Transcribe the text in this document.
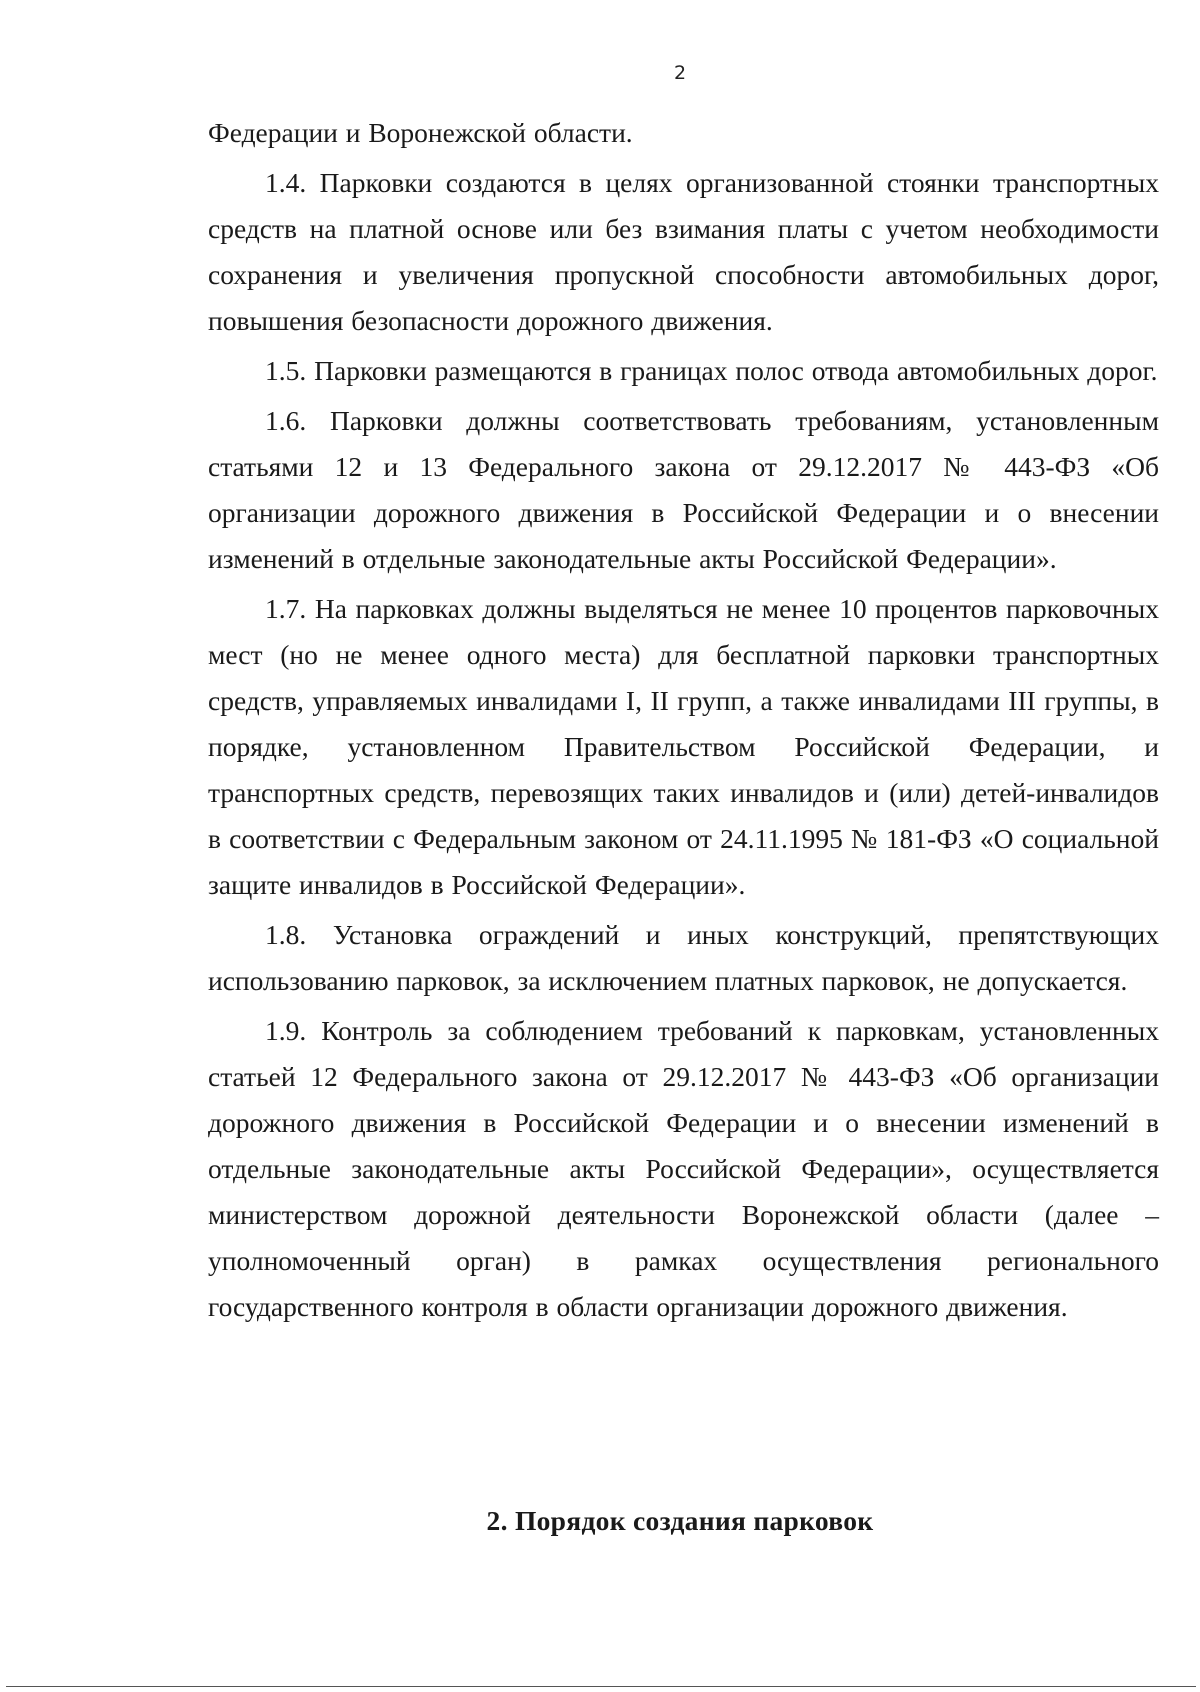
2

Федерации и Воронежской области.

1.4. Парковки создаются в целях организованной стоянки транспортных средств на платной основе или без взимания платы с учетом необходимости сохранения и увеличения пропускной способности автомобильных дорог, повышения безопасности дорожного движения.

1.5. Парковки размещаются в границах полос отвода автомобильных дорог.

1.6. Парковки должны соответствовать требованиям, установленным статьями 12 и 13 Федерального закона от 29.12.2017 № 443-ФЗ «Об организации дорожного движения в Российской Федерации и о внесении изменений в отдельные законодательные акты Российской Федерации».

1.7. На парковках должны выделяться не менее 10 процентов парковочных мест (но не менее одного места) для бесплатной парковки транспортных средств, управляемых инвалидами I, II групп, а также инвалидами III группы, в порядке, установленном Правительством Российской Федерации, и транспортных средств, перевозящих таких инвалидов и (или) детей-инвалидов в соответствии с Федеральным законом от 24.11.1995 № 181-ФЗ «О социальной защите инвалидов в Российской Федерации».

1.8. Установка ограждений и иных конструкций, препятствующих использованию парковок, за исключением платных парковок, не допускается.

1.9. Контроль за соблюдением требований к парковкам, установленных статьей 12 Федерального закона от 29.12.2017 № 443-ФЗ «Об организации дорожного движения в Российской Федерации и о внесении изменений в отдельные законодательные акты Российской Федерации», осуществляется министерством дорожной деятельности Воронежской области (далее – уполномоченный орган) в рамках осуществления регионального государственного контроля в области организации дорожного движения.

2. Порядок создания парковок
